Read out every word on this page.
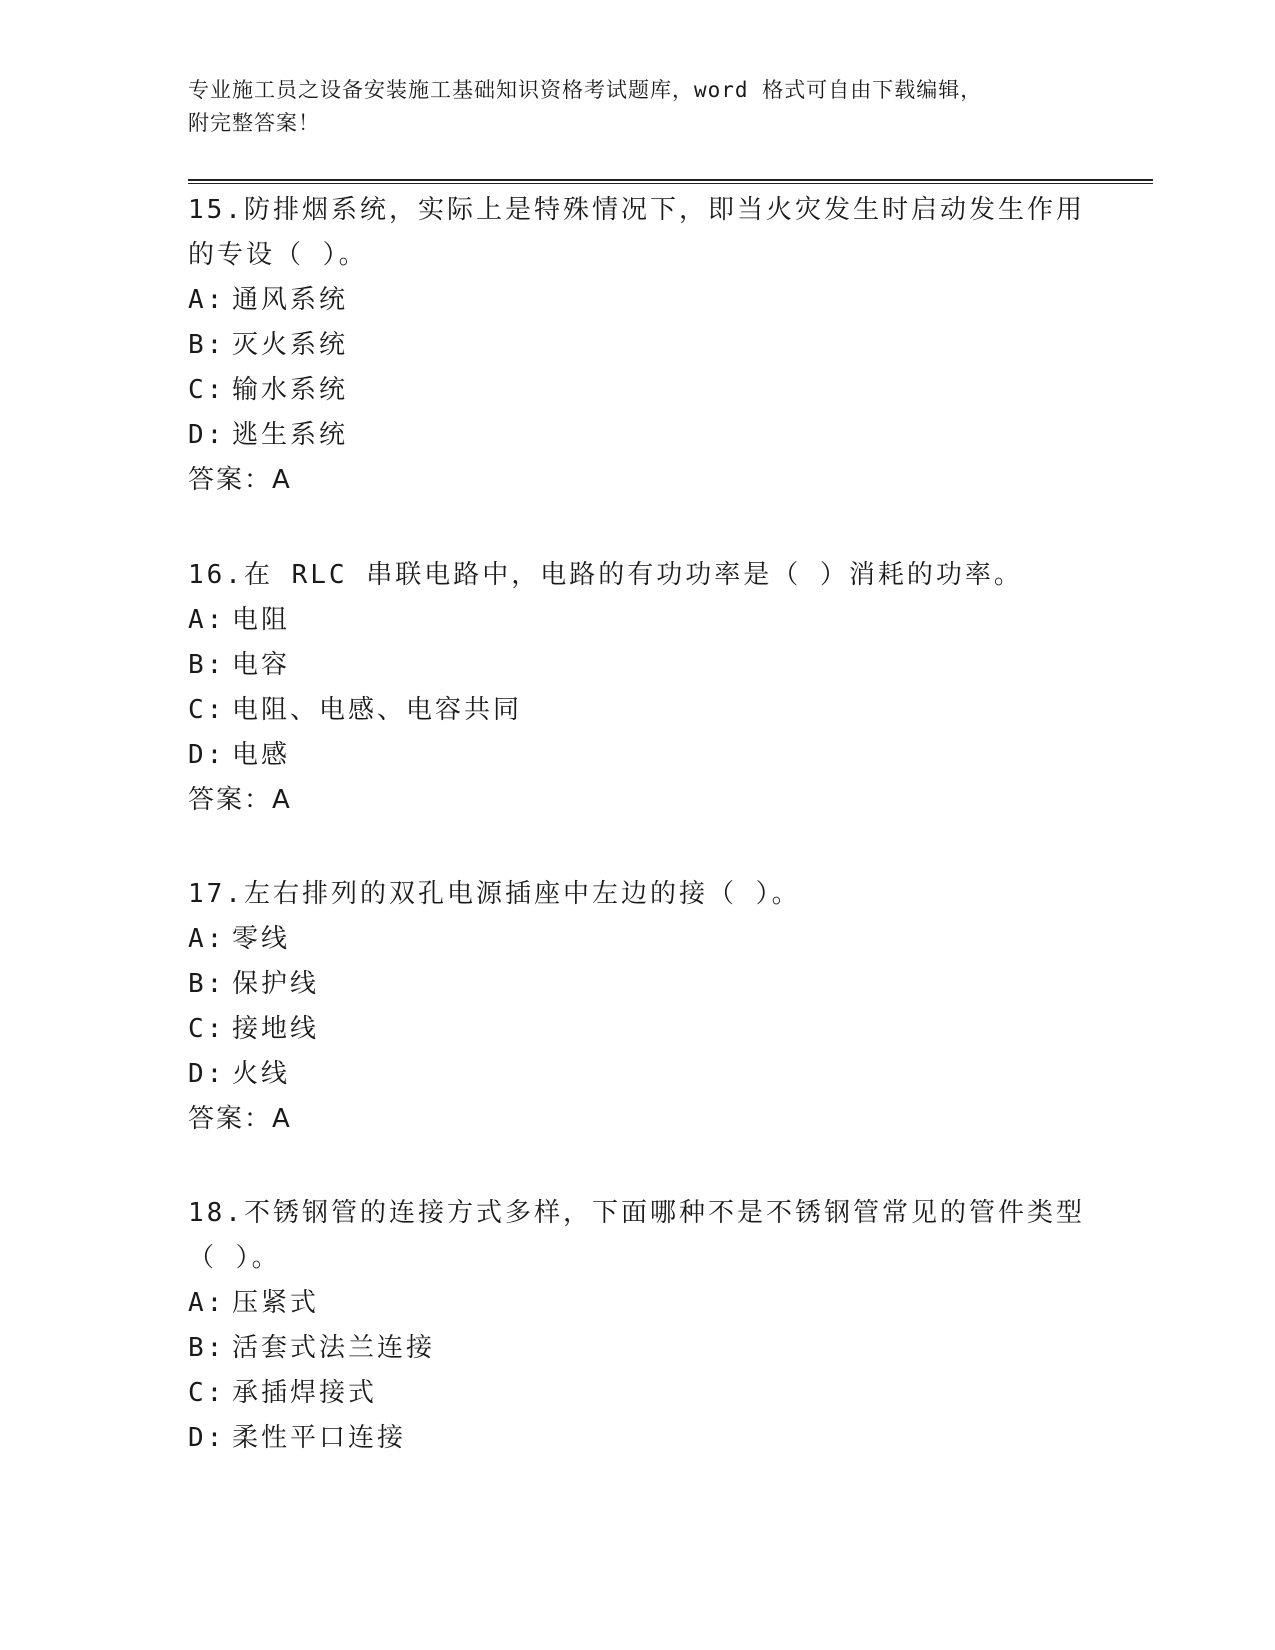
专业施工员之设备安装施工基础知识资格考试题库，word 格式可自由下载编辑，
附完整答案！
15.防排烟系统，实际上是特殊情况下，即当火灾发生时启动发生作用
的专设（ ）。
A: 通风系统
B: 灭火系统
C: 输水系统
D: 逃生系统
答案：A
16.在 RLC 串联电路中，电路的有功功率是（ ）消耗的功率。
A: 电阻
B: 电容
C: 电阻、电感、电容共同
D: 电感
答案：A
17.左右排列的双孔电源插座中左边的接（ ）。
A: 零线
B: 保护线
C: 接地线
D: 火线
答案：A
18.不锈钢管的连接方式多样，下面哪种不是不锈钢管常见的管件类型
（ ）。
A: 压紧式
B: 活套式法兰连接
C: 承插焊接式
D: 柔性平口连接
